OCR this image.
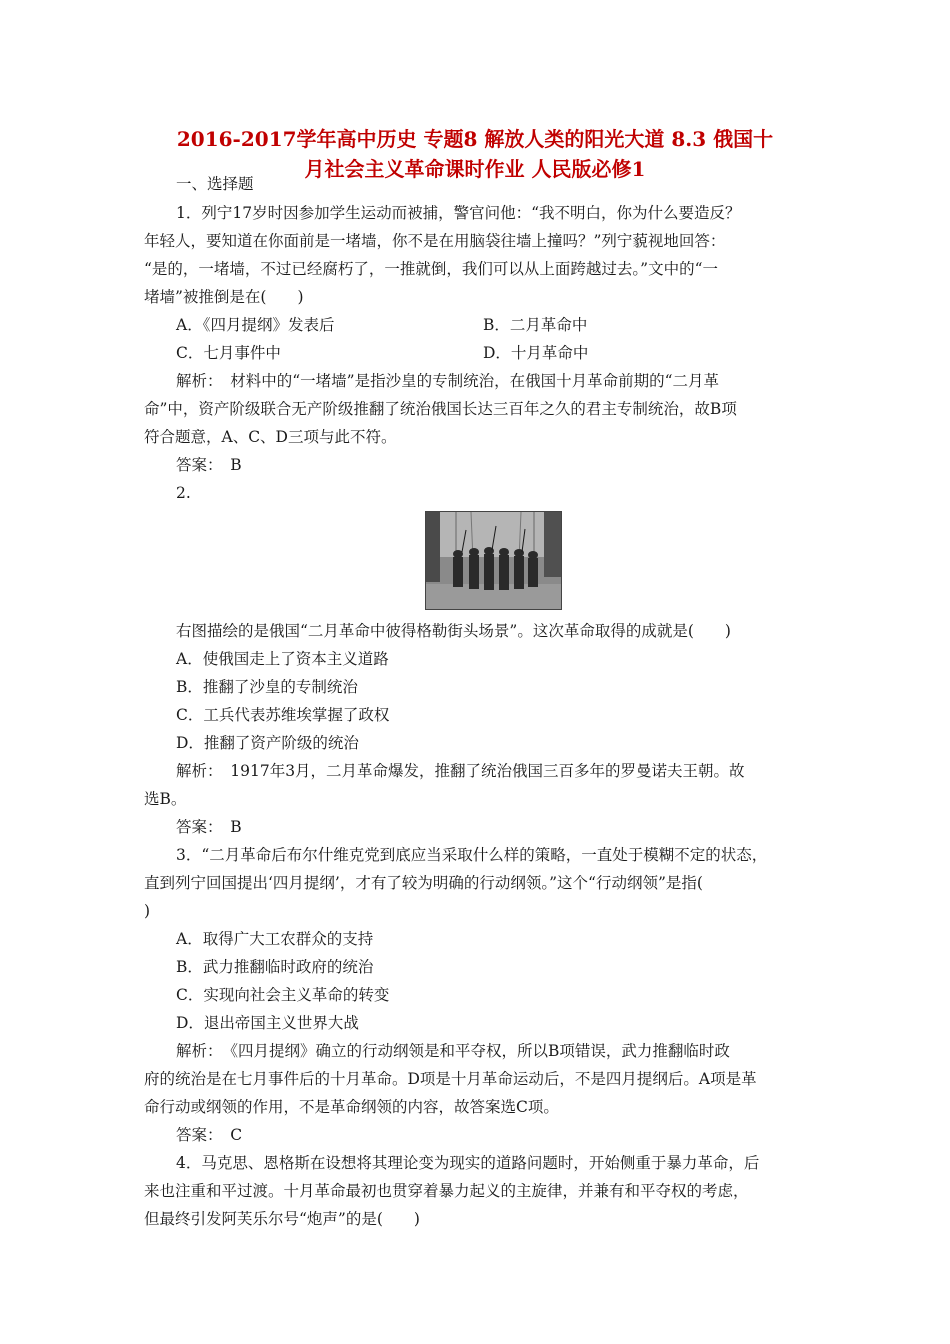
2016-2017学年高中历史 专题8 解放人类的阳光大道 8.3 俄国十
月社会主义革命课时作业 人民版必修1
一、选择题
1．列宁17岁时因参加学生运动而被捕，警官问他：“我不明白，你为什么要造反？
年轻人，要知道在你面前是一堵墙，你不是在用脑袋往墙上撞吗？”列宁藐视地回答：
“是的，一堵墙，不过已经腐朽了，一推就倒，我们可以从上面跨越过去。”文中的“一
堵墙”被推倒是在(　　)
A．《四月提纲》发表后	B．二月革命中
C．七月事件中	D．十月革命中
解析：　材料中的“一堵墙”是指沙皇的专制统治，在俄国十月革命前期的“二月革
命”中，资产阶级联合无产阶级推翻了统治俄国长达三百年之久的君主专制统治，故B项
符合题意，A、C、D三项与此不符。
答案：　B
2.
右图描绘的是俄国“二月革命中彼得格勒街头场景”。这次革命取得的成就是(　　)
A．使俄国走上了资本主义道路
B．推翻了沙皇的专制统治
C．工兵代表苏维埃掌握了政权
D．推翻了资产阶级的统治
解析：　1917年3月，二月革命爆发，推翻了统治俄国三百多年的罗曼诺夫王朝。故
选B。
答案：　B
3．“二月革命后布尔什维克党到底应当采取什么样的策略，一直处于模糊不定的状态，
直到列宁回国提出‘四月提纲’，才有了较为明确的行动纲领。”这个“行动纲领”是指(
)
A．取得广大工农群众的支持
B．武力推翻临时政府的统治
C．实现向社会主义革命的转变
D．退出帝国主义世界大战
解析：　《四月提纲》确立的行动纲领是和平夺权，所以B项错误，武力推翻临时政
府的统治是在七月事件后的十月革命。D项是十月革命运动后，不是四月提纲后。A项是革
命行动或纲领的作用，不是革命纲领的内容，故答案选C项。
答案：　C
4．马克思、恩格斯在设想将其理论变为现实的道路问题时，开始侧重于暴力革命，后
来也注重和平过渡。十月革命最初也贯穿着暴力起义的主旋律，并兼有和平夺权的考虑，
但最终引发阿芙乐尔号“炮声”的是(　　)
